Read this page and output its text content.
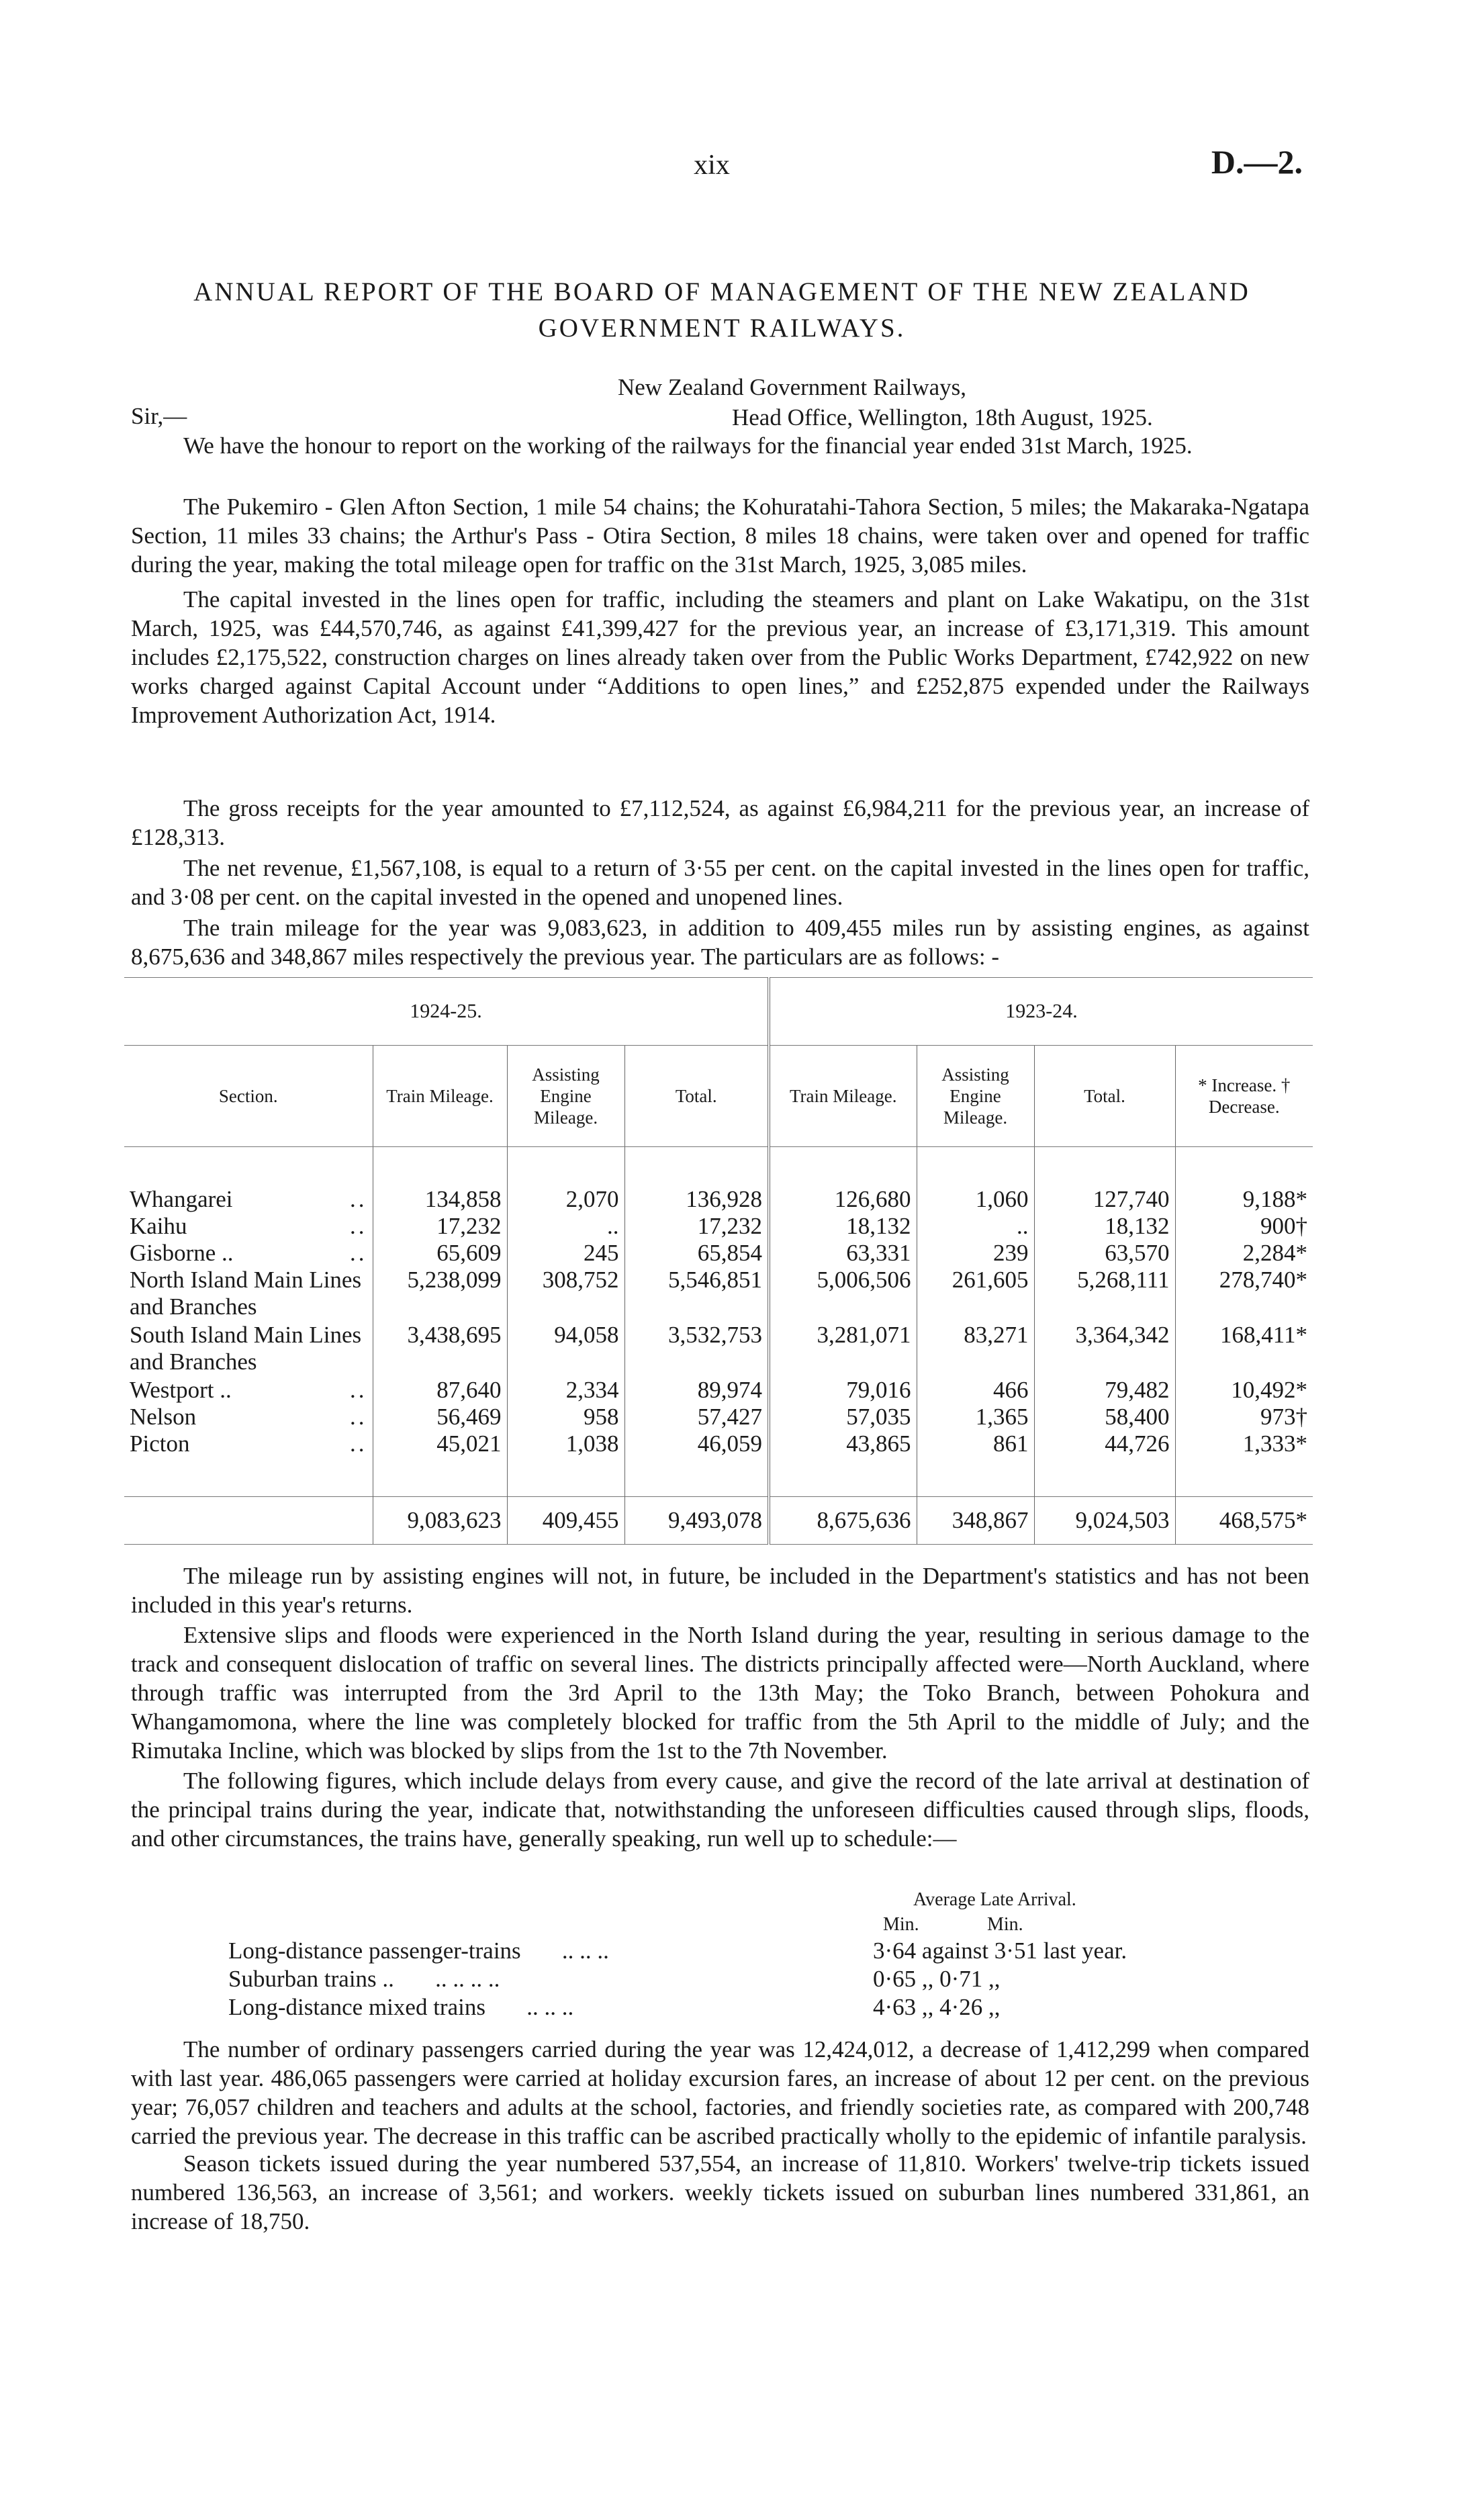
xix	D.—2.
ANNUAL REPORT OF THE BOARD OF MANAGEMENT OF THE NEW ZEALAND GOVERNMENT RAILWAYS.
New Zealand Government Railways,
Sir,—	Head Office, Wellington, 18th August, 1925.

We have the honour to report on the working of the railways for the financial year ended 31st March, 1925.

The Pukemiro - Glen Afton Section, 1 mile 54 chains; the Kohuratahi-Tahora Section, 5 miles; the Makaraka-Ngatapa Section, 11 miles 33 chains; the Arthur's Pass - Otira Section, 8 miles 18 chains, were taken over and opened for traffic during the year, making the total mileage open for traffic on the 31st March, 1925, 3,085 miles.

The capital invested in the lines open for traffic, including the steamers and plant on Lake Wakatipu, on the 31st March, 1925, was £44,570,746, as against £41,399,427 for the previous year, an increase of £3,171,319. This amount includes £2,175,522, construction charges on lines already taken over from the Public Works Department, £742,922 on new works charged against Capital Account under “Additions to open lines,” and £252,875 expended under the Railways Improvement Authorization Act, 1914.

The gross receipts for the year amounted to £7,112,524, as against £6,984,211 for the previous year, an increase of £128,313.

The net revenue, £1,567,108, is equal to a return of 3·55 per cent. on the capital invested in the lines open for traffic, and 3·08 per cent. on the capital invested in the opened and unopened lines.

The train mileage for the year was 9,083,623, in addition to 409,455 miles run by assisting engines, as against 8,675,636 and 348,867 miles respectively the previous year. The particulars are as follows: -

1924-25.				1923-24.			
Section.	Train Mileage.	Assisting Engine Mileage.	Total.	Train Mileage.	Assisting Engine Mileage.	Total.	* Increase. † Decrease.

Whangarei ..	134,858	2,070	136,928	126,680	1,060	127,740	9,188*
Kaihu ..	17,232	..	17,232	18,132	..	18,132	900†
Gisborne .. ..	65,609	245	65,854	63,331	239	63,570	2,284*
North Island Main Lines and Branches	5,238,099	308,752	5,546,851	5,006,506	261,605	5,268,111	278,740*
South Island Main Lines and Branches	3,438,695	94,058	3,532,753	3,281,071	83,271	3,364,342	168,411*
Westport .. ..	87,640	2,334	89,974	79,016	466	79,482	10,492*
Nelson ..	56,469	958	57,427	57,035	1,365	58,400	973†
Picton ..	45,021	1,038	46,059	43,865	861	44,726	1,333*

	9,083,623	409,455	9,493,078	8,675,636	348,867	9,024,503	468,575*

The mileage run by assisting engines will not, in future, be included in the Department's statistics and has not been included in this year's returns.

Extensive slips and floods were experienced in the North Island during the year, resulting in serious damage to the track and consequent dislocation of traffic on several lines. The districts principally affected were—North Auckland, where through traffic was interrupted from the 3rd April to the 13th May; the Toko Branch, between Pohokura and Whangamomona, where the line was completely blocked for traffic from the 5th April to the middle of July; and the Rimutaka Incline, which was blocked by slips from the 1st to the 7th November.

The following figures, which include delays from every cause, and give the record of the late arrival at destination of the principal trains during the year, indicate that, notwithstanding the unforeseen difficulties caused through slips, floods, and other circumstances, the trains have, generally speaking, run well up to schedule:—

Average Late Arrival.
Min.	Min.
Long-distance passenger-trains .. .. ..	3·64 against 3·51 last year.
Suburban trains .. .. .. .. ..	0·65 ,, 0·71 ,,
Long-distance mixed trains .. .. ..	4·63 ,, 4·26 ,,

The number of ordinary passengers carried during the year was 12,424,012, a decrease of 1,412,299 when compared with last year. 486,065 passengers were carried at holiday excursion fares, an increase of about 12 per cent. on the previous year; 76,057 children and teachers and adults at the school, factories, and friendly societies rate, as compared with 200,748 carried the previous year. The decrease in this traffic can be ascribed practically wholly to the epidemic of infantile paralysis.

Season tickets issued during the year numbered 537,554, an increase of 11,810. Workers' twelve-trip tickets issued numbered 136,563, an increase of 3,561; and workers. weekly tickets issued on suburban lines numbered 331,861, an increase of 18,750.
